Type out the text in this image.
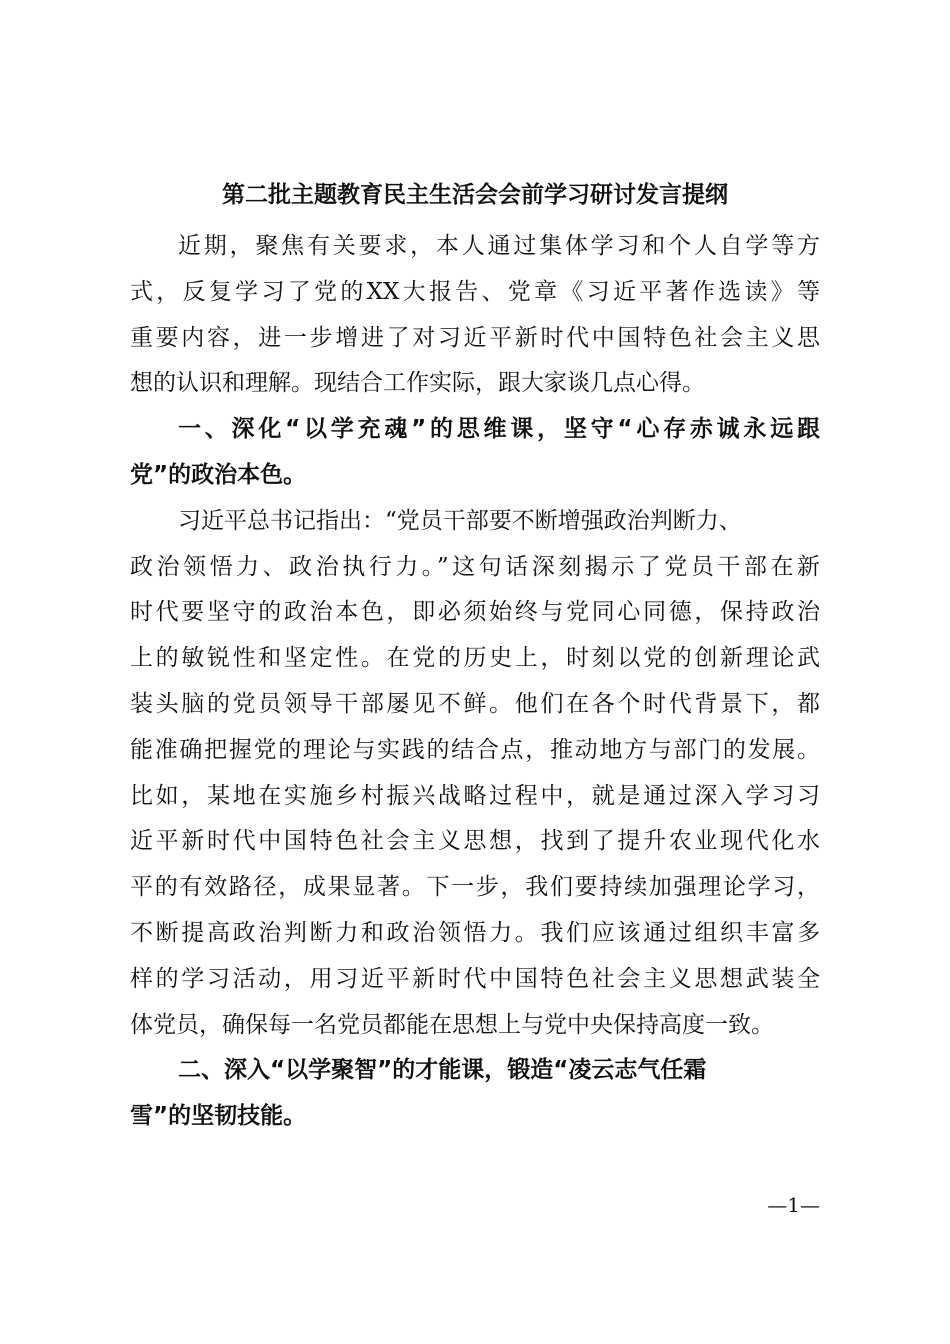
第二批主题教育民主生活会会前学习研讨发言提纲
近期，聚焦有关要求，本人通过集体学习和个人自学等方
式，反复学习了党的XX大报告、党章《习近平著作选读》等
重要内容，进一步增进了对习近平新时代中国特色社会主义思
想的认识和理解。现结合工作实际，跟大家谈几点心得。
一、深化“以学充魂”的思维课，坚守“心存赤诚永远跟
党”的政治本色。
习近平总书记指出：“党员干部要不断增强政治判断力、
政治领悟力、政治执行力。”这句话深刻揭示了党员干部在新
时代要坚守的政治本色，即必须始终与党同心同德，保持政治
上的敏锐性和坚定性。在党的历史上，时刻以党的创新理论武
装头脑的党员领导干部屡见不鲜。他们在各个时代背景下，都
能准确把握党的理论与实践的结合点，推动地方与部门的发展。
比如，某地在实施乡村振兴战略过程中，就是通过深入学习习
近平新时代中国特色社会主义思想，找到了提升农业现代化水
平的有效路径，成果显著。下一步，我们要持续加强理论学习，
不断提高政治判断力和政治领悟力。我们应该通过组织丰富多
样的学习活动，用习近平新时代中国特色社会主义思想武装全
体党员，确保每一名党员都能在思想上与党中央保持高度一致。
二、深入“以学聚智”的才能课，锻造“凌云志气任霜
雪”的坚韧技能。
—1—
